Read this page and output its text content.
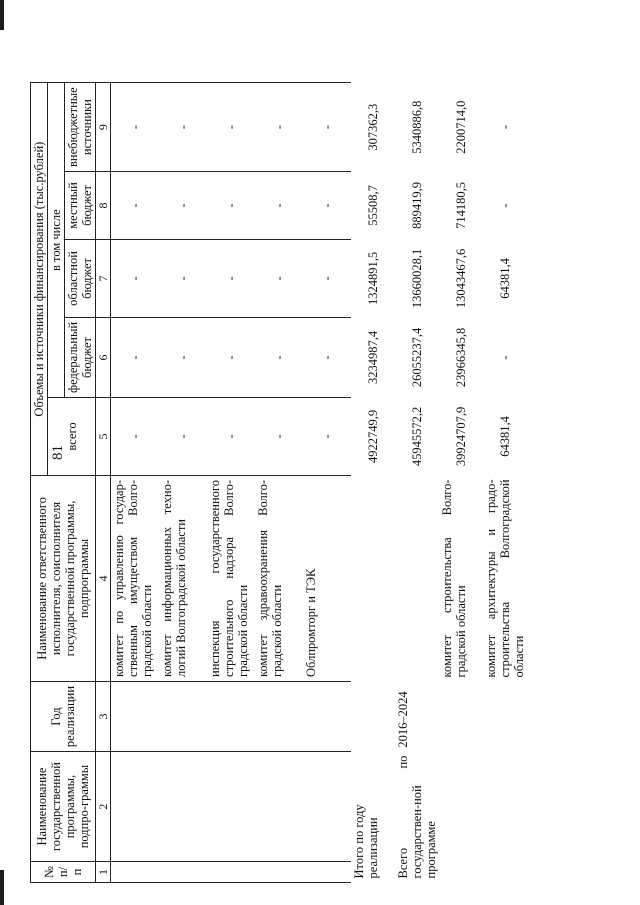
81
№ п/п	Наименование государственной программы, подпро-граммы	Год реализации	Наименование ответственного исполнителя, соисполнителя государственной программы, подпрограммы	Объемы и источники финансирования (тыс.рублей)				
				всего	в том числе			
					федеральный бюджет	областной бюджет	местный бюджет	внебюджетные источники
1	2	3	4	5	6	7	8	9
			комитет по управлению государ-ственным имуществом Волго-градской области	-	-	-	-	-
			комитет информационных техно-логий Волгоградской области	-	-	-	-	-
			инспекция государственного строительного надзора Волго-градской области	-	-	-	-	-
			комитет здравоохранения Волго-градской области	-	-	-	-	-
			Облпромторг и ТЭК	-	-	-	-	-
Итого по году реализации				4922749,9	3234987,4	1324891,5	55508,7	307362,3
Всего по государствен-ной программе		2016–2024		45945572,2	26055237,4	13660028,1	889419,9	5340886,8
			комитет строительства Волго-градской области	39924707,9	23966345,8	13043467,6	714180,5	2200714,0
			комитет архитектуры и градо-строительства Волгоградской области	64381,4	-	64381,4	-	-
